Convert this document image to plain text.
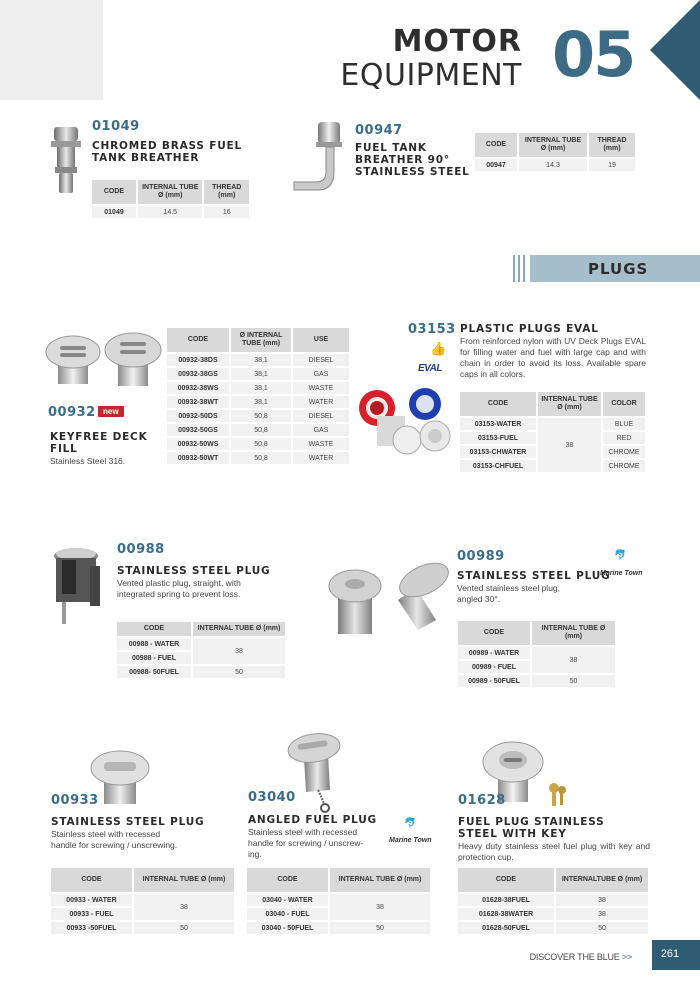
MOTOR
EQUIPMENT 05
01049
CHROMED BRASS FUEL
TANK BREATHER
CODE	INTERNAL TUBE Ø (mm)	THREAD (mm)
01049	14.5	16
00947
FUEL TANK
BREATHER 90°
STAINLESS STEEL
CODE	INTERNAL TUBE Ø (mm)	THREAD (mm)
00947	14.3	19
PLUGS
00932 new
KEYFREE DECK
FILL
Stainless Steel 316.
CODE	Ø INTERNAL TUBE (mm)	USE
00932-38DS	38,1	DIESEL
00932-38GS	38,1	GAS
00932-38WS	38,1	WASTE
00932-38WT	38,1	WATER
00932-50DS	50,8	DIESEL
00932-50GS	50,8	GAS
00932-50WS	50,8	WASTE
00932-50WT	50,8	WATER
03153
👍
EVAL
PLASTIC PLUGS EVAL
From reinforced nylon with UV Deck Plugs EVAL for filling water and fuel with large cap and with chain in order to avoid its loss. Available spare caps in all colors.
CODE	INTERNAL TUBE Ø (mm)	COLOR
03153-WATER	38	BLUE
03153-FUEL		RED
03153-CHWATER		CHROME
03153-CHFUEL		CHROME
00988
STAINLESS STEEL PLUG
Vented plastic plug, straight, with
integrated spring to prevent loss.
CODE	INTERNAL TUBE Ø (mm)
00988 - WATER	38
00988 - FUEL	
00988- 50FUEL	50
00989	🐬
Marine Town
STAINLESS STEEL PLUG
Vented stainless steel plug,
angled 30°.
CODE	INTERNAL TUBE Ø (mm)
00989 - WATER	38
00989 - FUEL	
00989 - 50FUEL	50
00933
STAINLESS STEEL PLUG
Stainless steel with recessed
handle for screwing / unscrewing.
CODE	INTERNAL TUBE Ø (mm)
00933 - WATER	38
00933 - FUEL	
00933 -50FUEL	50
03040
ANGLED FUEL PLUG	🐬
Marine Town
Stainless steel with recessed
handle for screwing / unscrew-
ing.
CODE	INTERNAL TUBE Ø (mm)
03040 - WATER	38
03040 - FUEL	
03040 - 50FUEL	50
01628
FUEL PLUG STAINLESS
STEEL WITH KEY
Heavy duty stainless steel fuel plug with key and protection cup.
CODE	INTERNALTUBE Ø (mm)
01628-38FUEL	38
01628-38WATER	38
01628-50FUEL	50
DISCOVER THE BLUE >>	261
